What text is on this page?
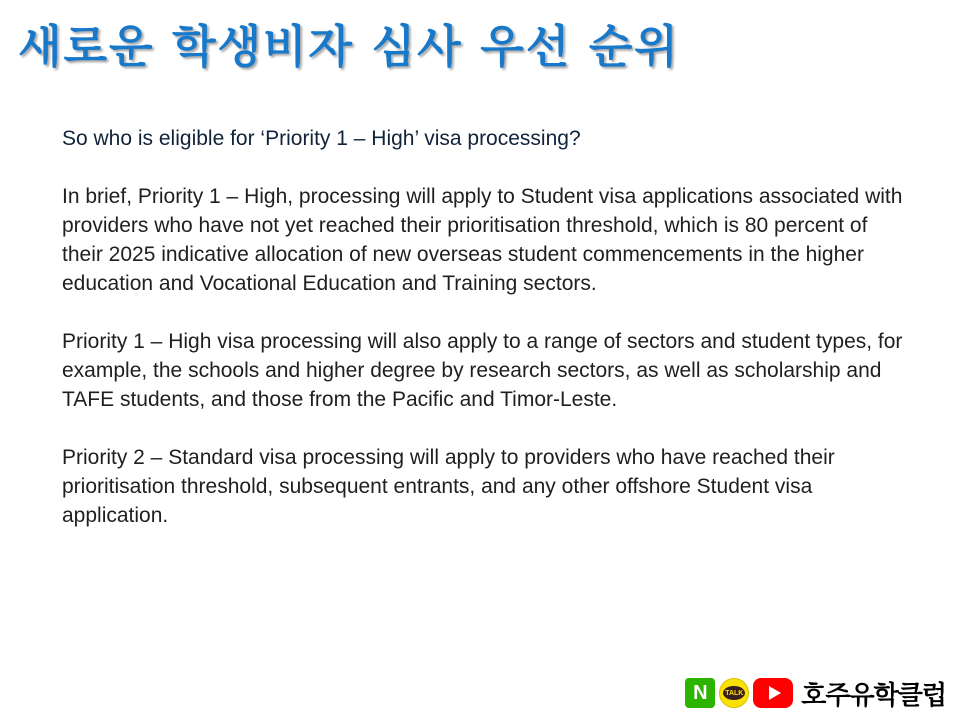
새로운 학생비자 심사 우선 순위

So who is eligible for ‘Priority 1 – High’ visa processing?

In brief, Priority 1 – High, processing will apply to Student visa applications associated with providers who have not yet reached their prioritisation threshold, which is 80 percent of their 2025 indicative allocation of new overseas student commencements in the higher education and Vocational Education and Training sectors.

Priority 1 – High visa processing will also apply to a range of sectors and student types, for example, the schools and higher degree by research sectors, as well as scholarship and TAFE students, and those from the Pacific and Timor-Leste.

Priority 2 – Standard visa processing will apply to providers who have reached their prioritisation threshold, subsequent entrants, and any other offshore Student visa application.

N	TALK 호주유학클럽
